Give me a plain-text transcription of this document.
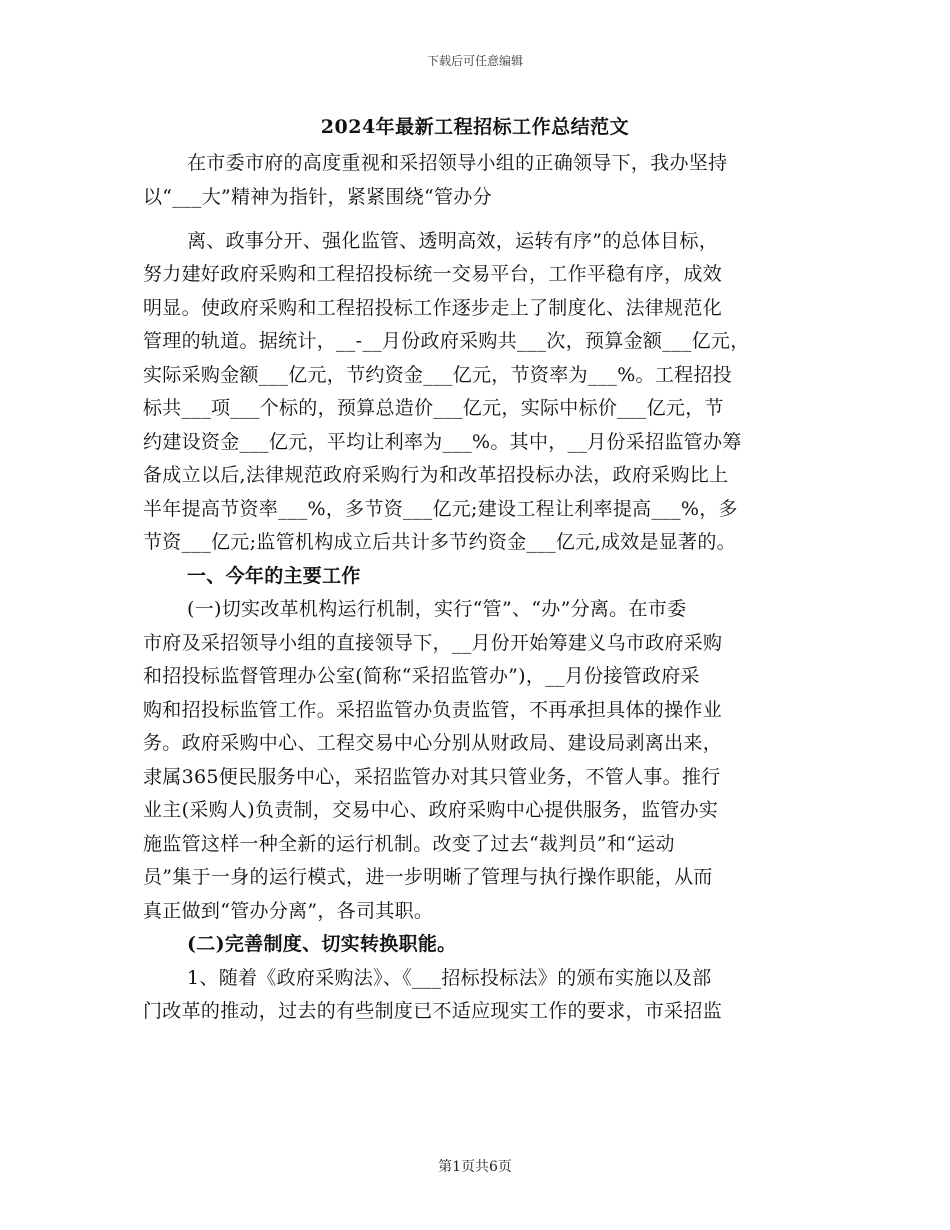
下载后可任意编辑
2024年最新工程招标工作总结范文
在市委市府的高度重视和采招领导小组的正确领导下，我办坚持
以“___大”精神为指针，紧紧围绕“管办分
离、政事分开、强化监管、透明高效，运转有序”的总体目标，
努力建好政府采购和工程招投标统一交易平台，工作平稳有序，成效
明显。使政府采购和工程招投标工作逐步走上了制度化、法律规范化
管理的轨道。据统计，__-__月份政府采购共___次，预算金额___亿元，
实际采购金额___亿元，节约资金___亿元，节资率为___%。工程招投
标共___项___个标的，预算总造价___亿元，实际中标价___亿元，节
约建设资金___亿元，平均让利率为___%。其中，__月份采招监管办筹
备成立以后,法律规范政府采购行为和改革招投标办法，政府采购比上
半年提高节资率___%，多节资___亿元;建设工程让利率提高___%，多
节资___亿元;监管机构成立后共计多节约资金___亿元,成效是显著的。
一、今年的主要工作
(一)切实改革机构运行机制，实行“管”、“办”分离。在市委
市府及采招领导小组的直接领导下，__月份开始筹建义乌市政府采购
和招投标监督管理办公室(简称“采招监管办”)，__月份接管政府采
购和招投标监管工作。采招监管办负责监管，不再承担具体的操作业
务。政府采购中心、工程交易中心分别从财政局、建设局剥离出来，
隶属365便民服务中心，采招监管办对其只管业务，不管人事。推行
业主(采购人)负责制，交易中心、政府采购中心提供服务，监管办实
施监管这样一种全新的运行机制。改变了过去“裁判员”和“运动
员”集于一身的运行模式，进一步明晰了管理与执行操作职能，从而
真正做到“管办分离”，各司其职。
(二)完善制度、切实转换职能。
1、随着《政府采购法》、《___招标投标法》的颁布实施以及部
门改革的推动，过去的有些制度已不适应现实工作的要求，市采招监
第1页共6页
